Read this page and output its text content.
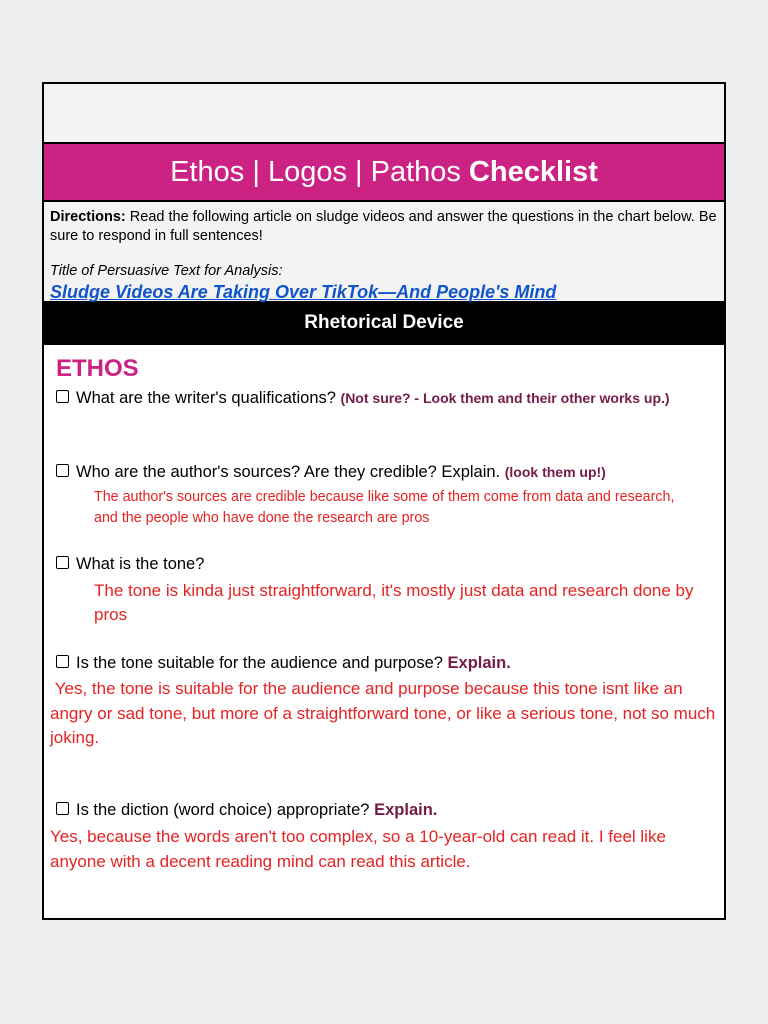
Ethos | Logos | Pathos Checklist
Directions: Read the following article on sludge videos and answer the questions in the chart below. Be sure to respond in full sentences!
Title of Persuasive Text for Analysis:
Sludge Videos Are Taking Over TikTok—And People's Mind
Rhetorical Device
ETHOS
What are the writer's qualifications? (Not sure? - Look them and their other works up.)
Who are the author's sources? Are they credible? Explain. (look them up!)
The author's sources are credible because like some of them come from data and research, and the people who have done the research are pros
What is the tone?
The tone is kinda just straightforward, it's mostly just data and research done by pros
Is the tone suitable for the audience and purpose? Explain.
Yes, the tone is suitable for the audience and purpose because this tone isnt like an angry or sad tone, but more of a straightforward tone, or like a serious tone, not so much joking.
Is the diction (word choice) appropriate? Explain.
Yes, because the words aren't too complex, so a 10-year-old can read it. I feel like anyone with a decent reading mind can read this article.
